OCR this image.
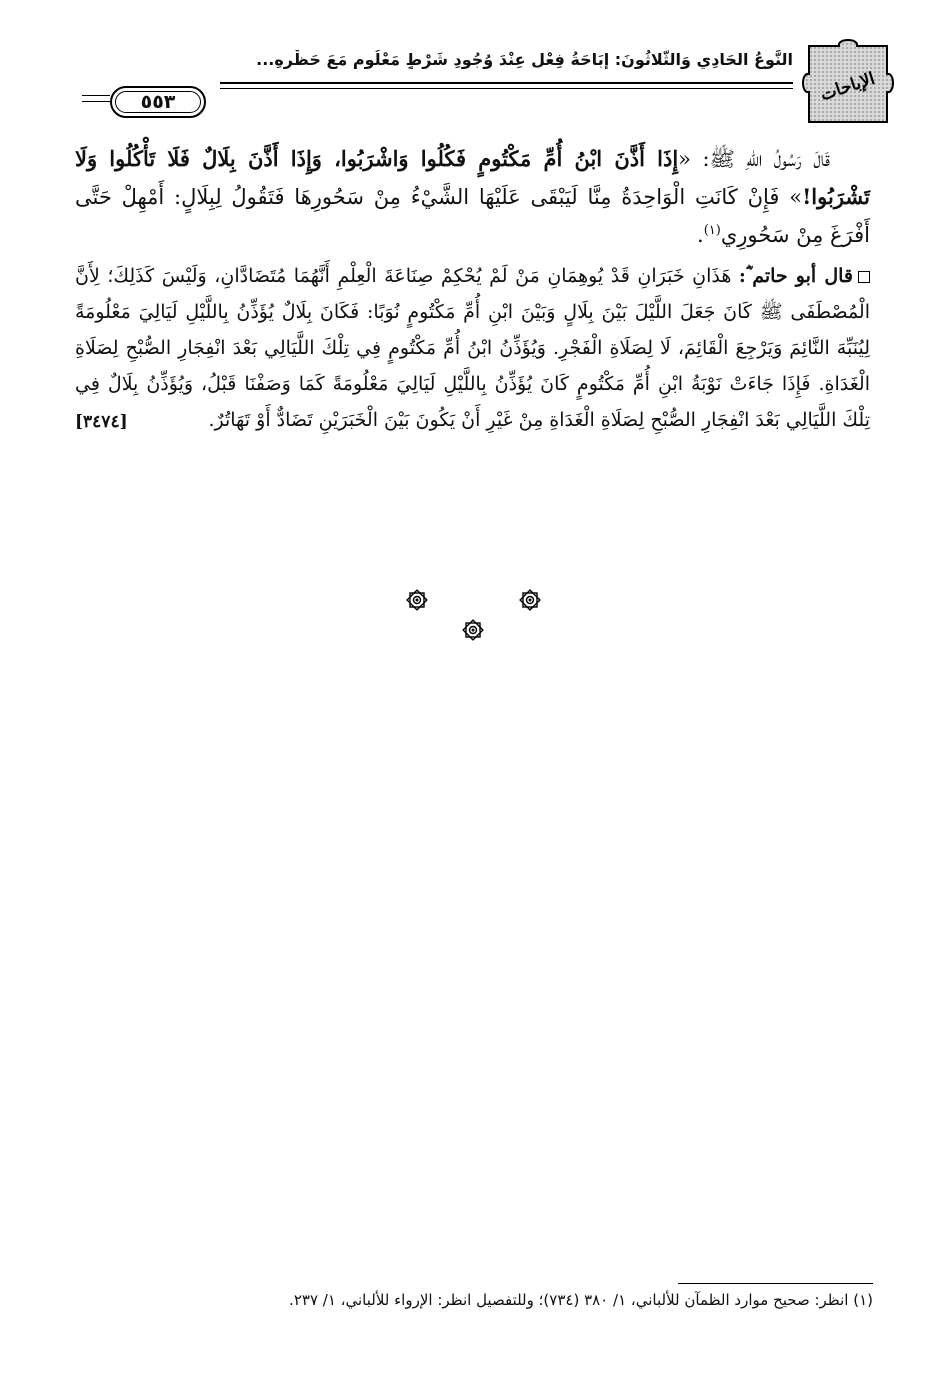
الإباحات
النَّوعُ الحَادِي وَالثَّلاثُونَ: إِبَاحَةُ فِعْلٍ عِنْدَ وُجُودِ شَرْطٍ مَعْلُومٍ مَعَ حَظْرِهِ...
٥٥٣

قَالَ رَسُولُ اللهِ ﷺ: «إِذَا أَذَّنَ ابْنُ أُمِّ مَكْتُومٍ فَكُلُوا وَاشْرَبُوا، وَإِذَا أَذَّنَ بِلَالٌ فَلَا تَأْكُلُوا وَلَا تَشْرَبُوا!» فَإِنْ كَانَتِ الْوَاحِدَةُ مِنَّا لَيَبْقَى عَلَيْهَا الشَّيْءُ مِنْ سَحُورِهَا فَتَقُولُ لِبِلَالٍ: أَمْهِلْ حَتَّى أَفْرَغَ مِنْ سَحُورِي$^{(١)}$.

قال أبو حاتم ؓ: هَذَانِ خَبَرَانِ قَدْ يُوهِمَانِ مَنْ لَمْ يُحْكِمْ صِنَاعَةَ الْعِلْمِ أَنَّهُمَا مُتَضَادَّانِ، وَلَيْسَ كَذَلِكَ؛ لِأَنَّ الْمُصْطَفَى ﷺ كَانَ جَعَلَ اللَّيْلَ بَيْنَ بِلَالٍ وَبَيْنَ ابْنِ أُمِّ مَكْتُومٍ نُوَبًا: فَكَانَ بِلَالٌ يُؤَذِّنُ بِاللَّيْلِ لَيَالِيَ مَعْلُومَةً لِيُنَبِّهَ النَّائِمَ وَيَرْجِعَ الْقَائِمَ، لَا لِصَلَاةِ الْفَجْرِ. وَيُؤَذِّنُ ابْنُ أُمِّ مَكْتُومٍ فِي تِلْكَ اللَّيَالِي بَعْدَ انْفِجَارِ الصُّبْحِ لِصَلَاةِ الْغَدَاةِ. فَإِذَا جَاءَتْ نَوْبَةُ ابْنِ أُمِّ مَكْتُومٍ كَانَ يُؤَذِّنُ بِاللَّيْلِ لَيَالِيَ مَعْلُومَةً كَمَا وَصَفْنَا قَبْلُ، وَيُؤَذِّنُ بِلَالٌ فِي تِلْكَ اللَّيَالِي بَعْدَ انْفِجَارِ الصُّبْحِ لِصَلَاةِ الْغَدَاةِ مِنْ غَيْرِ أَنْ يَكُونَ بَيْنَ الْخَبَرَيْنِ تَضَادٌّ أَوْ تَهَاتُرٌ.
[٣٤٧٤]

(١) انظر: صحيح موارد الظمآن للألباني، ١/ ٣٨٠ (٧٣٤)؛ وللتفصيل انظر: الإرواء للألباني، ١/ ٢٣٧.
